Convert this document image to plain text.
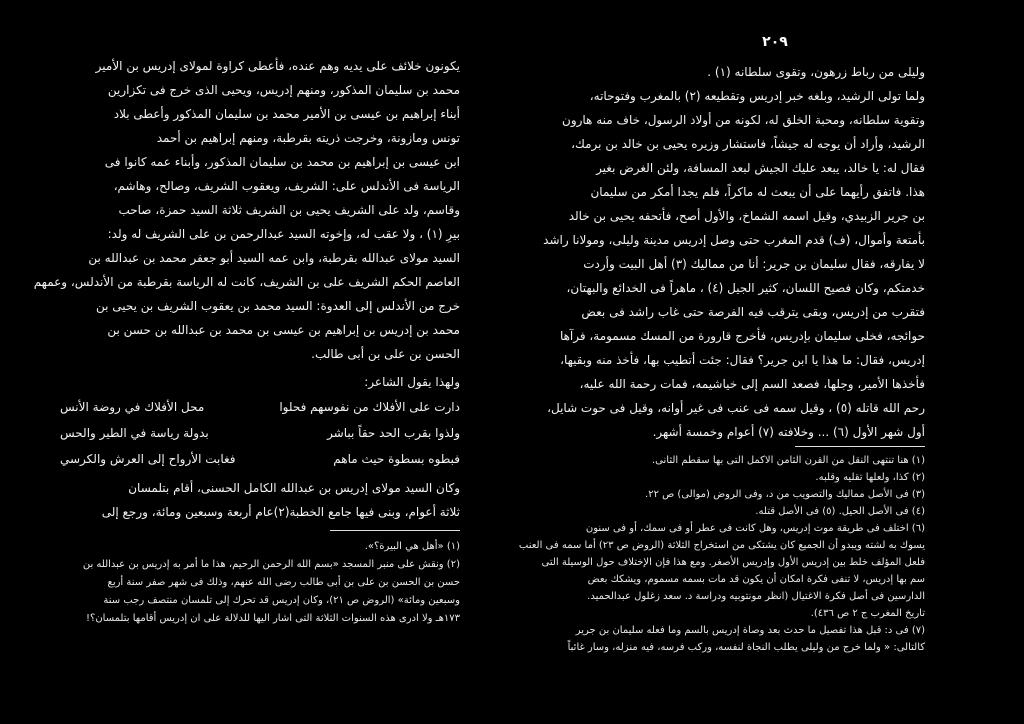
يكونون خلائف على يديه وهم عنده، فأعطى كراوة لمولاى إدريس بن الأمير
محمد بن سليمان المذكور، ومنهم إدريس، ويحيى الذى خرج فى تكزارين
أبناء إبراهيم بن عيسى بن الأمير محمد بن سليمان المذكور وأعطى بلاد
تونس ومازونة، وخرجت ذريته بقرطبة، ومنهم إبراهيم بن أحمد
ابن عيسى بن إبراهيم بن محمد بن سليمان المذكور، وأبناء عمه كانوا فى
الرياسة فى الأندلس على: الشريف، ويعقوب الشريف، وصالح، وهاشم،
وقاسم، ولد على الشريف يحيى بن الشريف ثلاثة السيد حمزة، صاحب
بيرِ (١) ، ولا عقب له، وإخوته السيد عبدالرحمن بن على الشريف له ولد:
السيد مولاى عبدالله بقرطبة، وابن عمه السيد أبو جعفر محمد بن عبدالله بن
العاصم الحكم الشريف على بن الشريف، كانت له الرياسة بقرطبة من الأندلس، وعمهم
خرج من الأندلس إلى العدوة: السيد محمد بن يعقوب الشريف بن يحيى بن
محمد بن إدريس بن إبراهيم بن عيسى بن محمد بن عبدالله بن حسن بن
الحسن بن على بن أبى طالب.
ولهذا يقول الشاعر:
دارت على الأفلاك من نفوسهم فحلوا
محل الأفلاك في روضة الأنس
ولذوا بقرب الحد حقاً بباشر
بدولة رياسة في الطير والحس
فبطوه بسطوة حيث ماهم
فغابت الأرواح إلى العرش والكرسي
وكان السيد مولاى إدريس بن عبدالله الكامل الحسنى، أقام بتلمسان
ثلاثة أعوام، وبنى فيها جامع الخطبة(٢)عام أربعة وسبعين ومائة، ورجع إلى
(١) «أهل هي البيرة؟».
(٢) ونقش على منبر المسجد «بسم الله الرحمن الرحيم، هذا ما أمر به إدريس بن عبدالله بن
حسن بن الحسن بن على بن أبى طالب رضى الله عنهم، وذلك فى شهر صفر سنة أربع
وسبعين ومائة» (الروض ص ٢١)، وكان إدريس قد تحرك إلى تلمسان منتصف رجب سنة
١٧٣هـ ولا ادرى هذه السنوات الثلاثة التى اشار اليها للدلالة على ان إدريس أقامها بتلمسان؟!
٢٠٩
وليلى من رباط زرهون، وتقوى سلطانه (١) .
ولما تولى الرشيد، وبلغه خبر إدريس وتقطيعه (٢) بالمغرب وفتوحاته،
وتقوية سلطانه، ومحبة الخلق له، لكونه من أولاد الرسول، خاف منه هارون
الرشيد، وأراد أن يوجه له جيشاً، فاستشار وزيره يحيى بن خالد بن برمك،
فقال له: يا خالد، يبعد عليك الجيش لبعد المسافة، ولئن الغرض بغير
هذا. فاتفق رأيهما على أن يبعث له ماكراً، فلم يجدا أمكر من سليمان
بن جرير الزبيدي، وقيل اسمه الشماخ، والأول أصح، فأتحفه يحيى بن خالد
بأمتعة وأموال، (ف) قدم المغرب حتى وصل إدريس مدينة وليلى، ومولانا راشد
لا يفارقه، فقال سليمان بن جرير: أنا من مماليك (٣) أهل البيت وأردت
خدمتكم، وكان فصيح اللسان، كثير الجيل (٤) ، ماهراً فى الخدائع والبهتان،
فتقرب من إدريس، وبقى يترقب فيه الفرصة حتى غاب راشد فى بعض
حوائجه، فخلى سليمان بإدريس، فأخرج قارورة من المسك مسمومة، فرآها
إدريس، فقال: ما هذا يا ابن جرير؟ فقال: جئت أتطيب بها، فأخذ منه وبقيها،
فأخذها الأمير، وجلها، فصعد السم إلى خياشيمه، فمات رحمة الله عليه،
رحم الله قاتله (٥) ، وقيل سمه فى عنب فى غير أوانه، وقيل فى حوت شايل،
أول شهر الأول (٦) ... وخلافته (٧) أعوام وخمسة أشهر.
(١) هنا تنتهى النقل من القرن الثامن الاكمل التى بها سقطم الثانى.
(٢) كذا، ولعلها تقليه وقلبه.
(٣) فى الأصل مماليك والتصويب من د، وفى الروض (موالى) ص ٢٢.
(٤) فى الأصل الحيل. (٥) فى الأصل قتله.
(٦) اختلف فى طريقة موت إدريس، وهل كانت فى عطر أو فى سمك، أو فى سنون
يسوك به لشته ويبدو أن الجميع كان يشتكى من استخراج الثلاثة (الروض ص ٢٣) أما سمه فى العنب
فلعل المؤلف خلط بين إدريس الأول وإدريس الأصغر. ومع هذا فإن الإختلاف حول الوسيلة التى
سم بها إدريس، لا تنفى فكرة امكان أن يكون قد مات بسمه مسموم، ويشكك بعض
الدارسين فى أصل فكرة الاغتيال (انظر مونتوبيه ودراسة د. سعد زغلول عبدالحميد.
تاريخ المغرب ج ٢ ص ٤٣٦).
(٧) فى د: قبل هذا تفصيل ما حدث بعد وصاة إدريس بالسم وما فعله سليمان بن جرير
كالتالى: « ولما خرج من وليلى يطلب النجاة لنفسه، وركب فرسه، فيه منزله، وسار غائباً
